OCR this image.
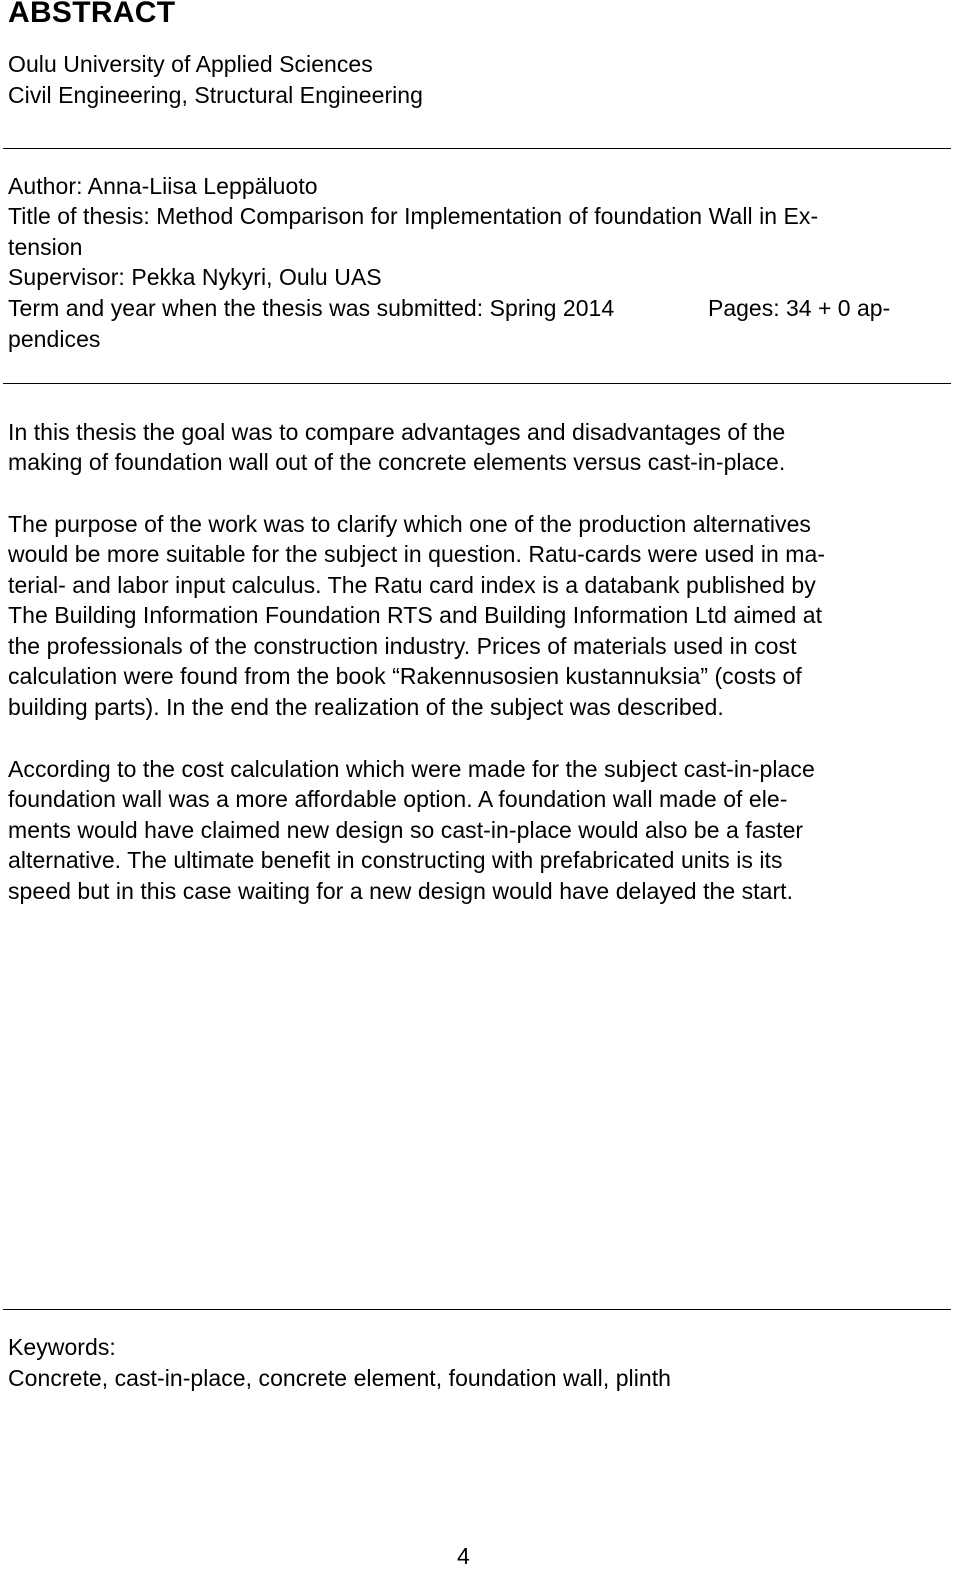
ABSTRACT
Oulu University of Applied Sciences
Civil Engineering, Structural Engineering
Author: Anna-Liisa Leppäluoto
Title of thesis: Method Comparison for Implementation of foundation Wall in Ex-
tension
Supervisor: Pekka Nykyri, Oulu UAS
Term and year when the thesis was submitted: Spring 2014	Pages: 34 + 0 ap-
pendices
In this thesis the goal was to compare advantages and disadvantages of the
making of foundation wall out of the concrete elements versus cast-in-place.
The purpose of the work was to clarify which one of the production alternatives
would be more suitable for the subject in question. Ratu-cards were used in ma-
terial- and labor input calculus. The Ratu card index is a databank published by
The Building Information Foundation RTS and Building Information Ltd aimed at
the professionals of the construction industry. Prices of materials used in cost
calculation were found from the book “Rakennusosien kustannuksia” (costs of
building parts). In the end the realization of the subject was described.
According to the cost calculation which were made for the subject cast-in-place
foundation wall was a more affordable option. A foundation wall made of ele-
ments would have claimed new design so cast-in-place would also be a faster
alternative. The ultimate benefit in constructing with prefabricated units is its
speed but in this case waiting for a new design would have delayed the start.
Keywords:
Concrete, cast-in-place, concrete element, foundation wall, plinth
4
